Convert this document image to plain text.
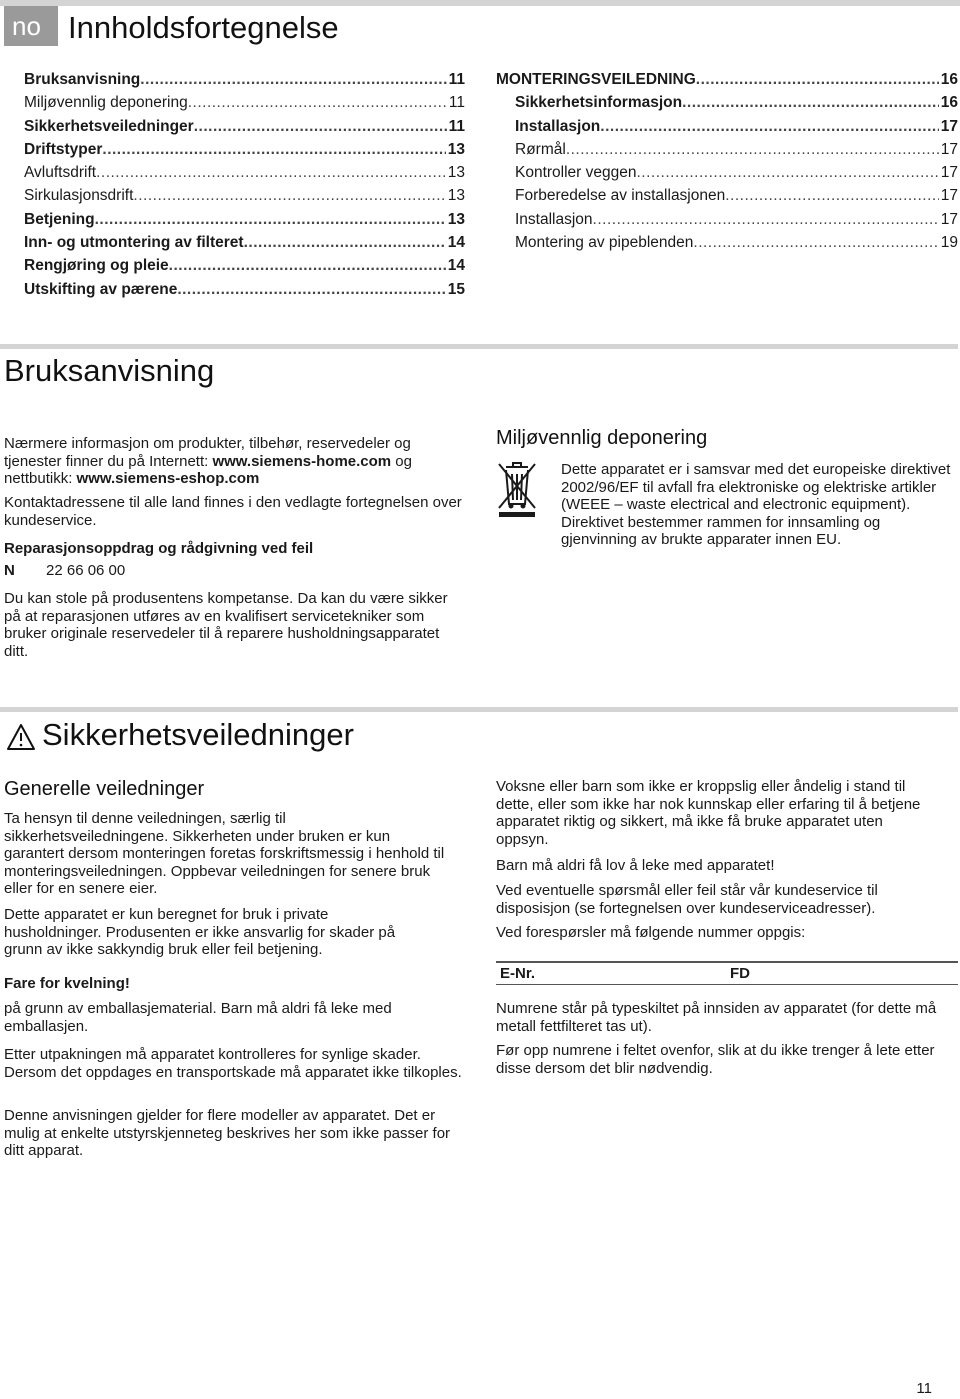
no Innholdsfortegnelse
Bruksanvisning .....	11
Miljøvennlig deponering .....	11
Sikkerhetsveiledninger .....	11
Driftstyper .....	13
Avluftsdrift .....	13
Sirkulasjonsdrift .....	13
Betjening .....	13
Inn- og utmontering av filteret .....	14
Rengjøring og pleie .....	14
Utskifting av pærene .....	15
MONTERINGSVEILEDNING .....	16
Sikkerhetsinformasjon .....	16
Installasjon .....	17
Rørmål .....	17
Kontroller veggen .....	17
Forberedelse av installasjonen .....	17
Installasjon .....	17
Montering av pipeblenden .....	19
Bruksanvisning
Nærmere informasjon om produkter, tilbehør, reservedeler og tjenester finner du på Internett: www.siemens-home.com og nettbutikk: www.siemens-eshop.com
Kontaktadressene til alle land finnes i den vedlagte fortegnelsen over kundeservice.
Reparasjonsoppdrag og rådgivning ved feil
N	22 66 06 00
Du kan stole på produsentens kompetanse. Da kan du være sikker på at reparasjonen utføres av en kvalifisert servicetekniker som bruker originale reservedeler til å reparere husholdningsapparatet ditt.
Miljøvennlig deponering
Dette apparatet er i samsvar med det europeiske direktivet 2002/96/EF til avfall fra elektroniske og elektriske artikler (WEEE – waste electrical and electronic equipment). Direktivet bestemmer rammen for innsamling og gjenvinning av brukte apparater innen EU.
Sikkerhetsveiledninger
Generelle veiledninger
Ta hensyn til denne veiledningen, særlig til sikkerhetsveiledningene. Sikkerheten under bruken er kun garantert dersom monteringen foretas forskriftsmessig i henhold til monteringsveiledningen. Oppbevar veiledningen for senere bruk eller for en senere eier.
Dette apparatet er kun beregnet for bruk i private husholdninger. Produsenten er ikke ansvarlig for skader på grunn av ikke sakkyndig bruk eller feil betjening.
Fare for kvelning!
på grunn av emballasjematerial. Barn må aldri få leke med emballasjen.
Etter utpakningen må apparatet kontrolleres for synlige skader. Dersom det oppdages en transportskade må apparatet ikke tilkoples.
Denne anvisningen gjelder for flere modeller av apparatet. Det er mulig at enkelte utstyrskjenneteg beskrives her som ikke passer for ditt apparat.
Voksne eller barn som ikke er kroppslig eller åndelig i stand til dette, eller som ikke har nok kunnskap eller erfaring til å betjene apparatet riktig og sikkert, må ikke få bruke apparatet uten oppsyn.
Barn må aldri få lov å leke med apparatet!
Ved eventuelle spørsmål eller feil står vår kundeservice til disposisjon (se fortegnelsen over kundeserviceadresser).
Ved forespørsler må følgende nummer oppgis:
E-Nr.	FD
Numrene står på typeskiltet på innsiden av apparatet (for dette må metall fettfilteret tas ut).
Før opp numrene i feltet ovenfor, slik at du ikke trenger å lete etter disse dersom det blir nødvendig.
11
